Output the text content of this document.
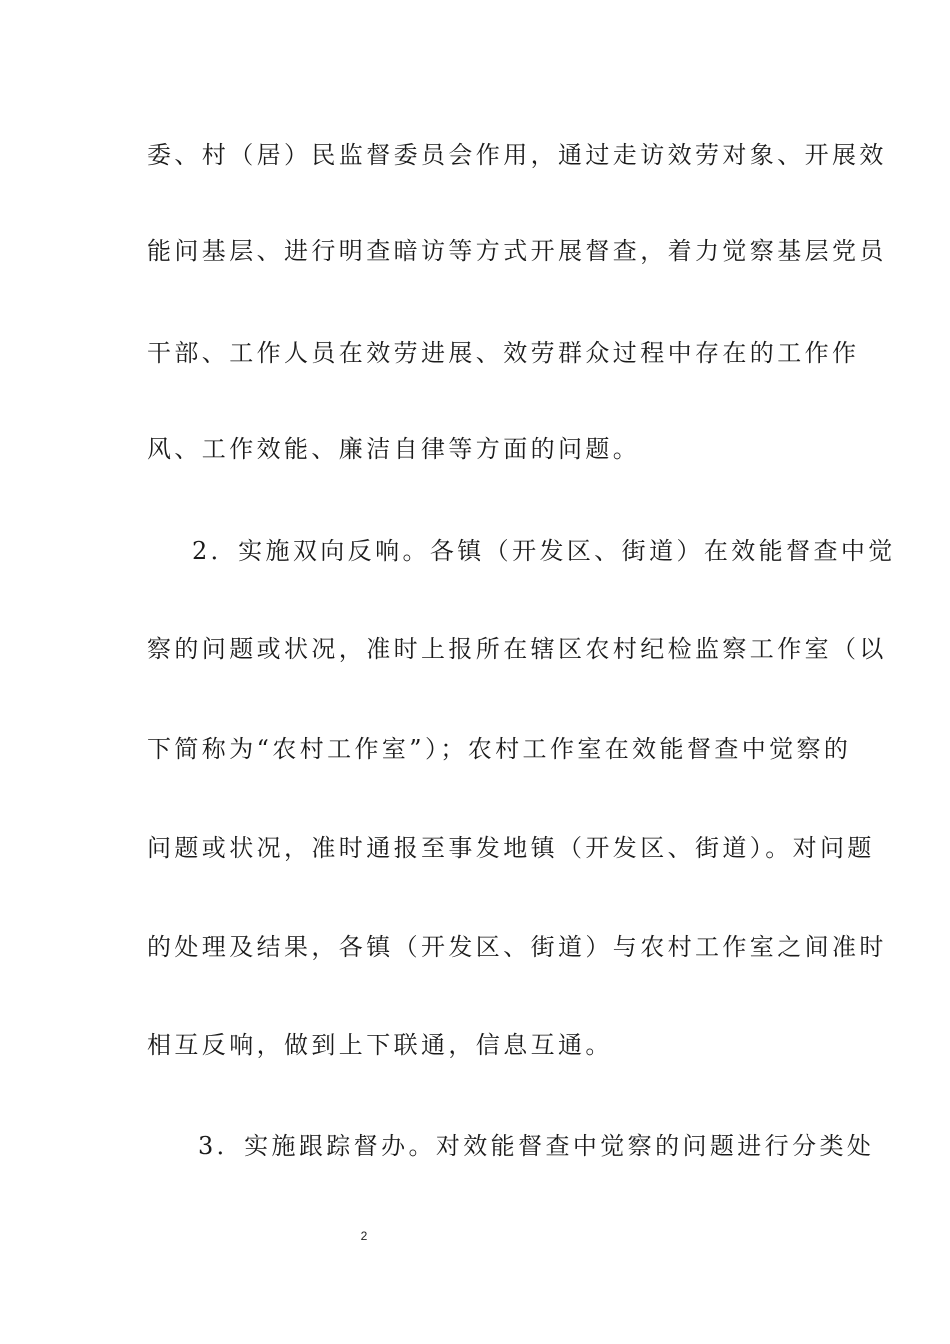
委、村（居）民监督委员会作用，通过走访效劳对象、开展效
能问基层、进行明查暗访等方式开展督查，着力觉察基层党员
干部、工作人员在效劳进展、效劳群众过程中存在的工作作
风、工作效能、廉洁自律等方面的问题。
2．实施双向反响。各镇（开发区、街道）在效能督查中觉
察的问题或状况，准时上报所在辖区农村纪检监察工作室（以
下简称为“农村工作室”）；农村工作室在效能督查中觉察的
问题或状况，准时通报至事发地镇（开发区、街道）。对问题
的处理及结果，各镇（开发区、街道）与农村工作室之间准时
相互反响，做到上下联通，信息互通。
3．实施跟踪督办。对效能督查中觉察的问题进行分类处
2
